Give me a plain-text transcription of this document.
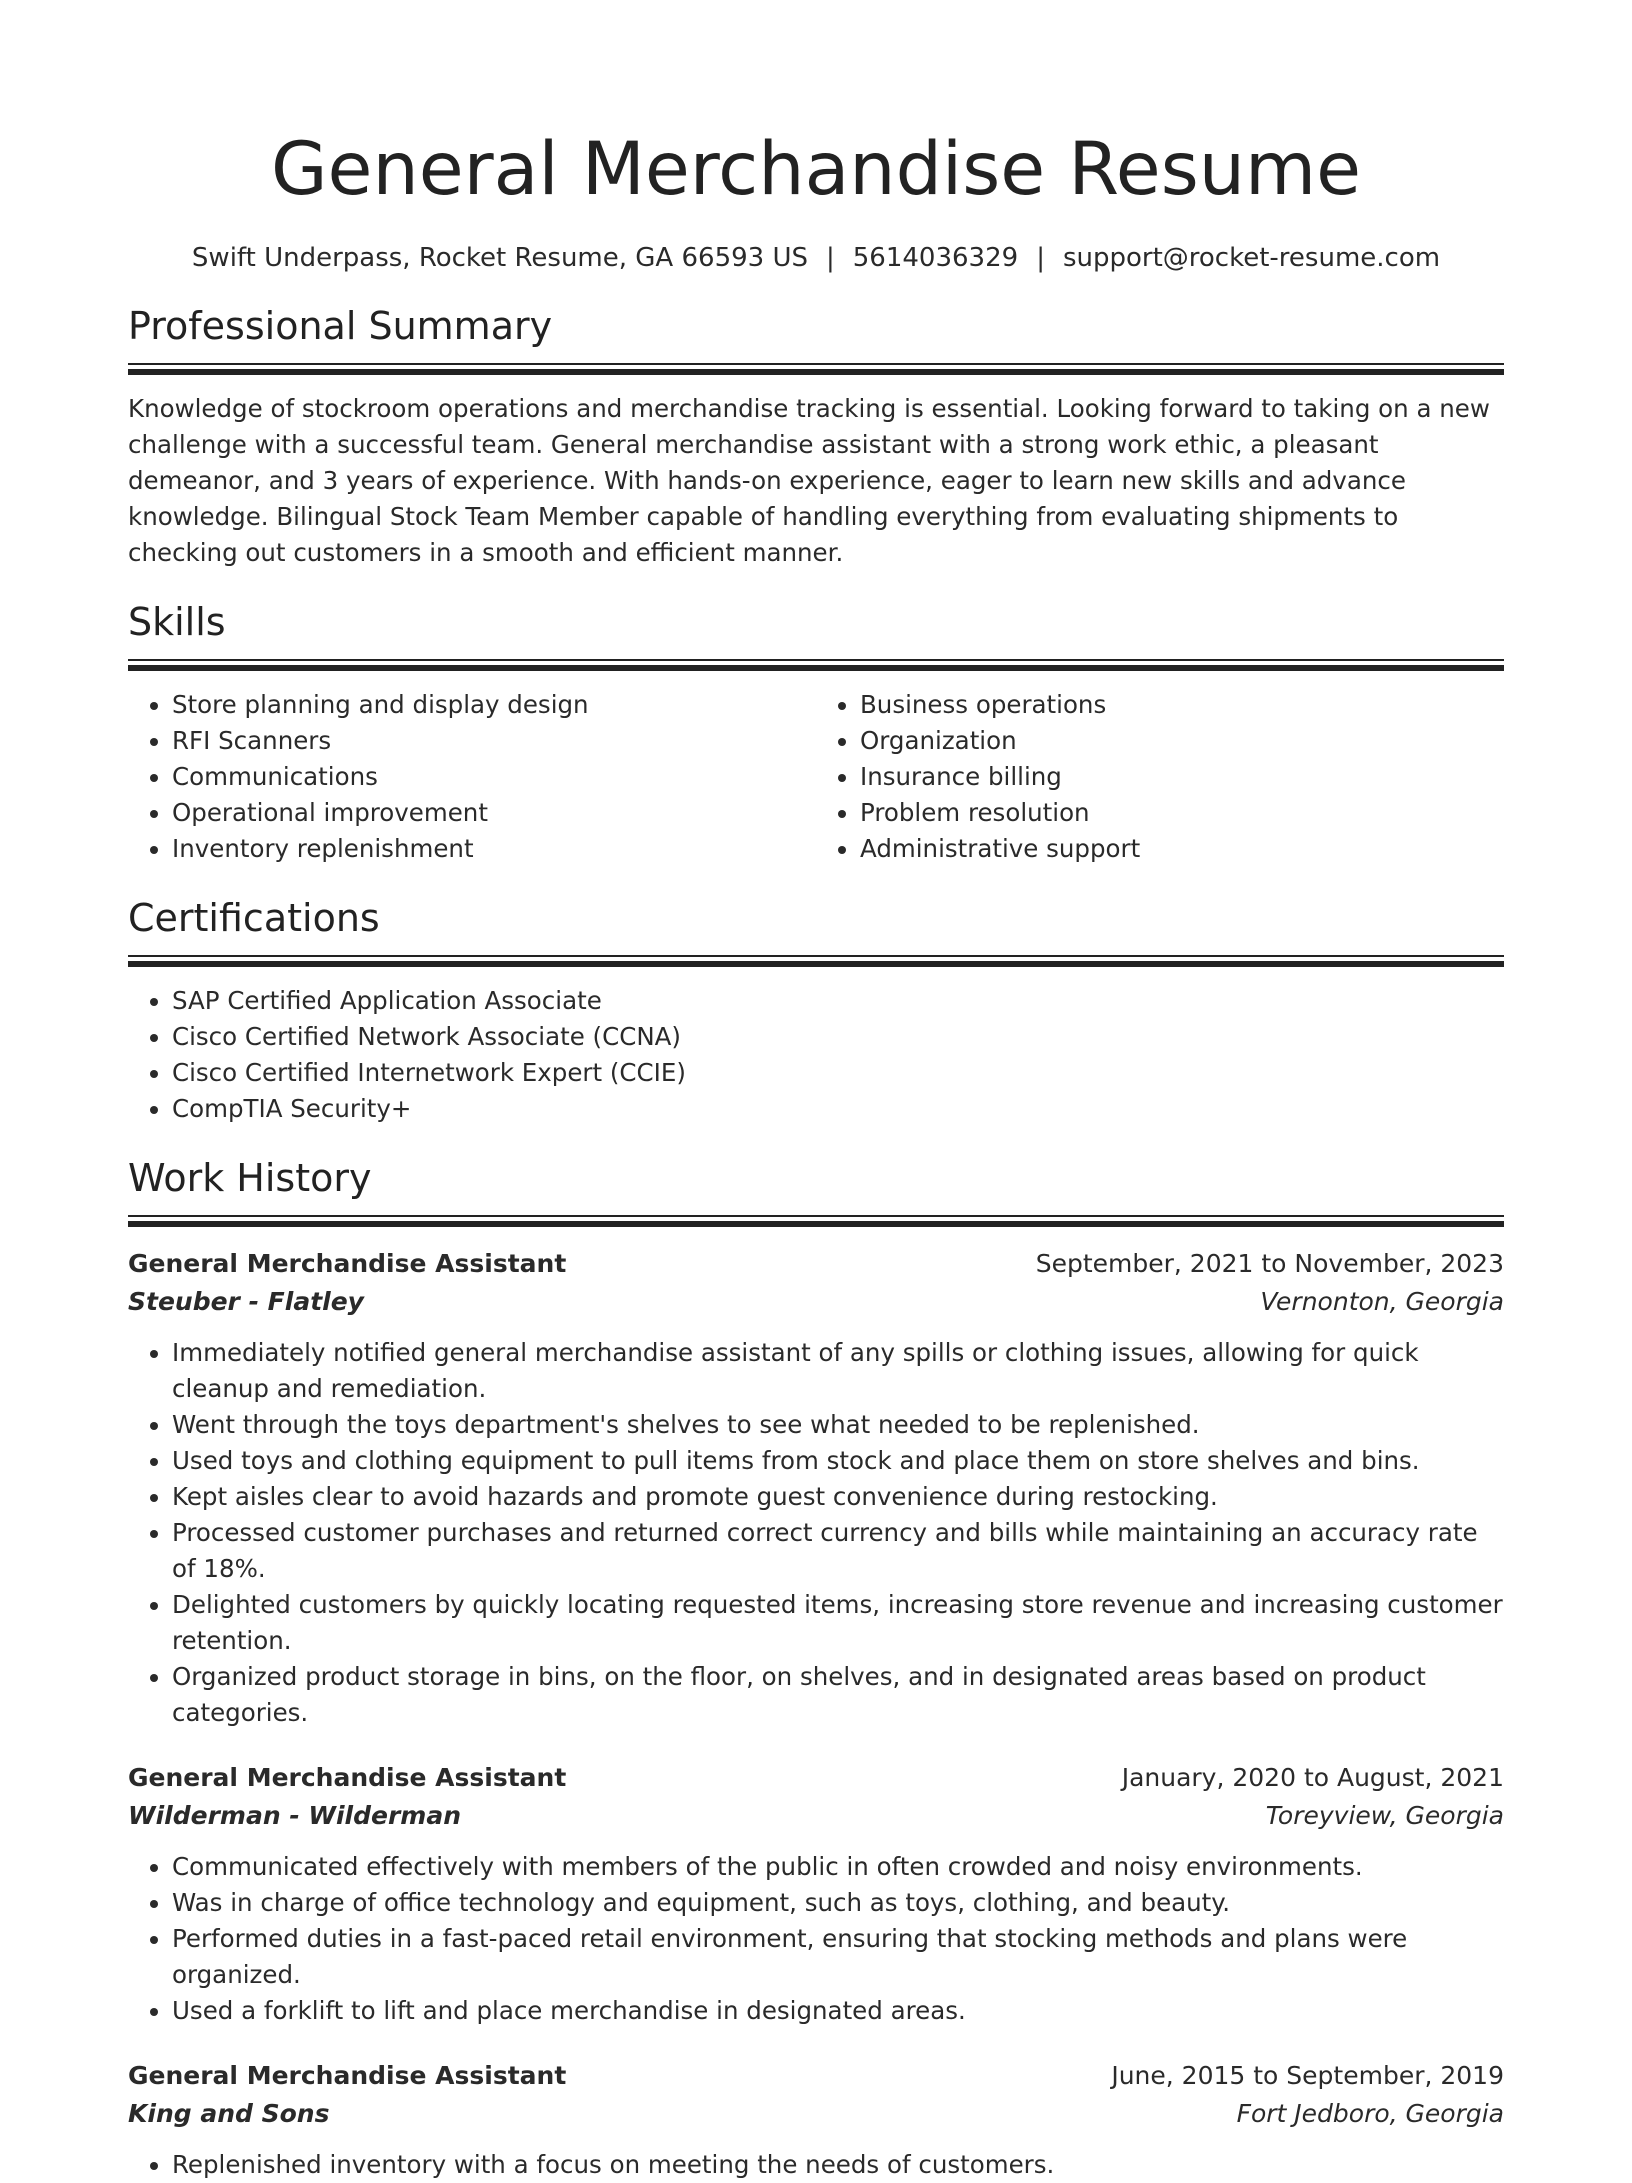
General Merchandise Resume
Swift Underpass, Rocket Resume, GA 66593 US | 5614036329 | support@rocket-resume.com
Professional Summary

Knowledge of stockroom operations and merchandise tracking is essential. Looking forward to taking on a new challenge with a successful team. General merchandise assistant with a strong work ethic, a pleasant demeanor, and 3 years of experience. With hands-on experience, eager to learn new skills and advance knowledge. Bilingual Stock Team Member capable of handling everything from evaluating shipments to checking out customers in a smooth and efficient manner.

Skills
• Store planning and display design
• RFI Scanners
• Communications
• Operational improvement
• Inventory replenishment
• Business operations
• Organization
• Insurance billing
• Problem resolution
• Administrative support
Certifications
• SAP Certified Application Associate
• Cisco Certified Network Associate (CCNA)
• Cisco Certified Internetwork Expert (CCIE)
• CompTIA Security+
Work History
General Merchandise Assistant	September, 2021 to November, 2023
Steuber - Flatley	Vernonton, Georgia
• Immediately notified general merchandise assistant of any spills or clothing issues, allowing for quick cleanup and remediation.
• Went through the toys department's shelves to see what needed to be replenished.
• Used toys and clothing equipment to pull items from stock and place them on store shelves and bins.
• Kept aisles clear to avoid hazards and promote guest convenience during restocking.
• Processed customer purchases and returned correct currency and bills while maintaining an accuracy rate of 18%.
• Delighted customers by quickly locating requested items, increasing store revenue and increasing customer retention.
• Organized product storage in bins, on the floor, on shelves, and in designated areas based on product categories.
General Merchandise Assistant	January, 2020 to August, 2021
Wilderman - Wilderman	Toreyview, Georgia
• Communicated effectively with members of the public in often crowded and noisy environments.
• Was in charge of office technology and equipment, such as toys, clothing, and beauty.
• Performed duties in a fast-paced retail environment, ensuring that stocking methods and plans were organized.
• Used a forklift to lift and place merchandise in designated areas.
General Merchandise Assistant	June, 2015 to September, 2019
King and Sons	Fort Jedboro, Georgia
• Replenished inventory with a focus on meeting the needs of customers.
